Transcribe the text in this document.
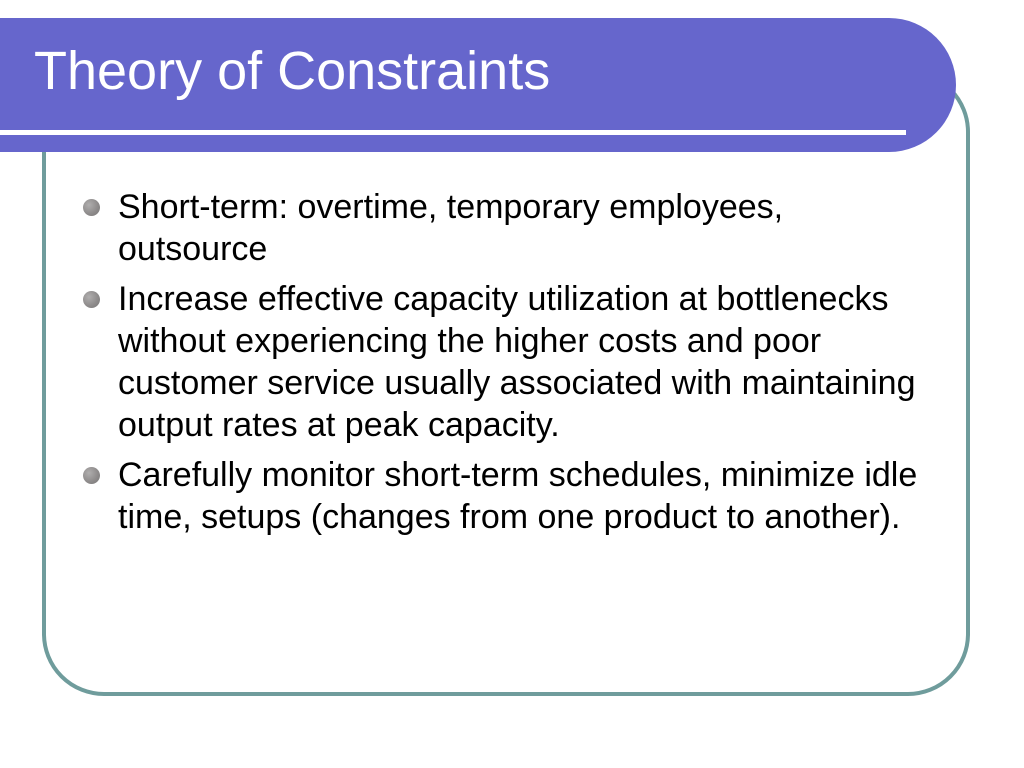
Theory of Constraints
Short-term: overtime, temporary employees, outsource
Increase effective capacity utilization at bottlenecks without experiencing the higher costs and poor customer service usually associated with maintaining output rates at peak capacity.
Carefully monitor short-term schedules, minimize idle time, setups (changes from one product to another).
